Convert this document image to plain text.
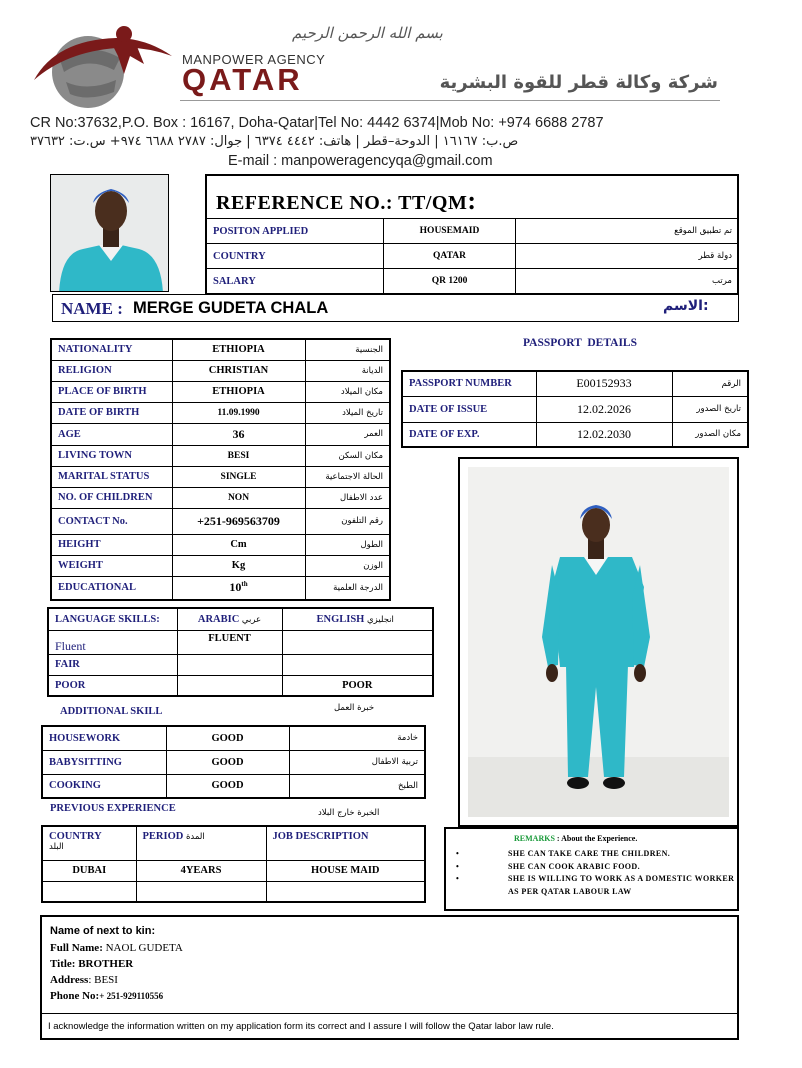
بسم الله الرحمن الرحيم
MANPOWER AGENCY
QATAR	شركة وكالة قطر للقوة البشرية
CR No:37632,P.O. Box : 16167, Doha-Qatar|Tel No: 4442 6374|Mob No: +974 6688 2787
ص.ب: ١٦١٦٧ | الدوحة–قطر | هاتف: ٤٤٤٢ ٦٣٧٤ | جوال: ٢٧٨٧ ٦٦٨٨ ٩٧٤+ س.ت: ٣٧٦٣٢
E-mail : manpoweragencyqa@gmail.com
REFERENCE NO.: TT/QM:
POSITON APPLIED	HOUSEMAID	تم تطبيق الموقع
COUNTRY	QATAR	دولة قطر
SALARY	QR 1200	مرتب
NAME : MERGE GUDETA CHALA	الاسم:
NATIONALITY	ETHIOPIA	الجنسية
RELIGION	CHRISTIAN	الديانة
PLACE OF BIRTH	ETHIOPIA	مكان الميلاد
DATE OF BIRTH	11.09.1990	تاريخ الميلاد
AGE	36	العمر
LIVING TOWN	BESI	مكان السكن
MARITAL STATUS	SINGLE	الحالة الاجتماعية
NO. OF CHILDREN	NON	عدد الاطفال
CONTACT No.	+251-969563709	رقم التلفون
HEIGHT	Cm	الطول
WEIGHT	Kg	الوزن
EDUCATIONAL	10th	الدرجة العلمية
PASSPORT  DETAILS
PASSPORT NUMBER	E00152933	الرقم
DATE OF ISSUE	12.02.2026	تاريخ الصدور
DATE OF EXP.	12.02.2030	مكان الصدور
LANGUAGE SKILLS:	ARABIC عربي	ENGLISH انجليزي
Fluent	FLUENT	
FAIR		
POOR		POOR
ADDITIONAL SKILL	خبرة العمل
HOUSEWORK	GOOD	خادمة
BABYSITTING	GOOD	تربية الاطفال
COOKING	GOOD	الطبخ
PREVIOUS EXPERIENCE	الخبرة خارج البلاد
COUNTRY
البلد	PERIOD المدة	JOB DESCRIPTION
DUBAI	4YEARS	HOUSE MAID

REMARKS : About the Experience.
•	SHE CAN TAKE CARE THE CHILDREN.
•	SHE CAN COOK ARABIC FOOD.
•	SHE IS WILLING TO WORK AS A DOMESTIC WORKER AS PER QATAR LABOUR LAW
Name of next to kin:
Full Name: NAOL GUDETA
Title: BROTHER
Address: BESI
Phone No:+ 251-929110556
I acknowledge the information written on my application form its correct and I assure I will follow the Qatar labor law rule.
